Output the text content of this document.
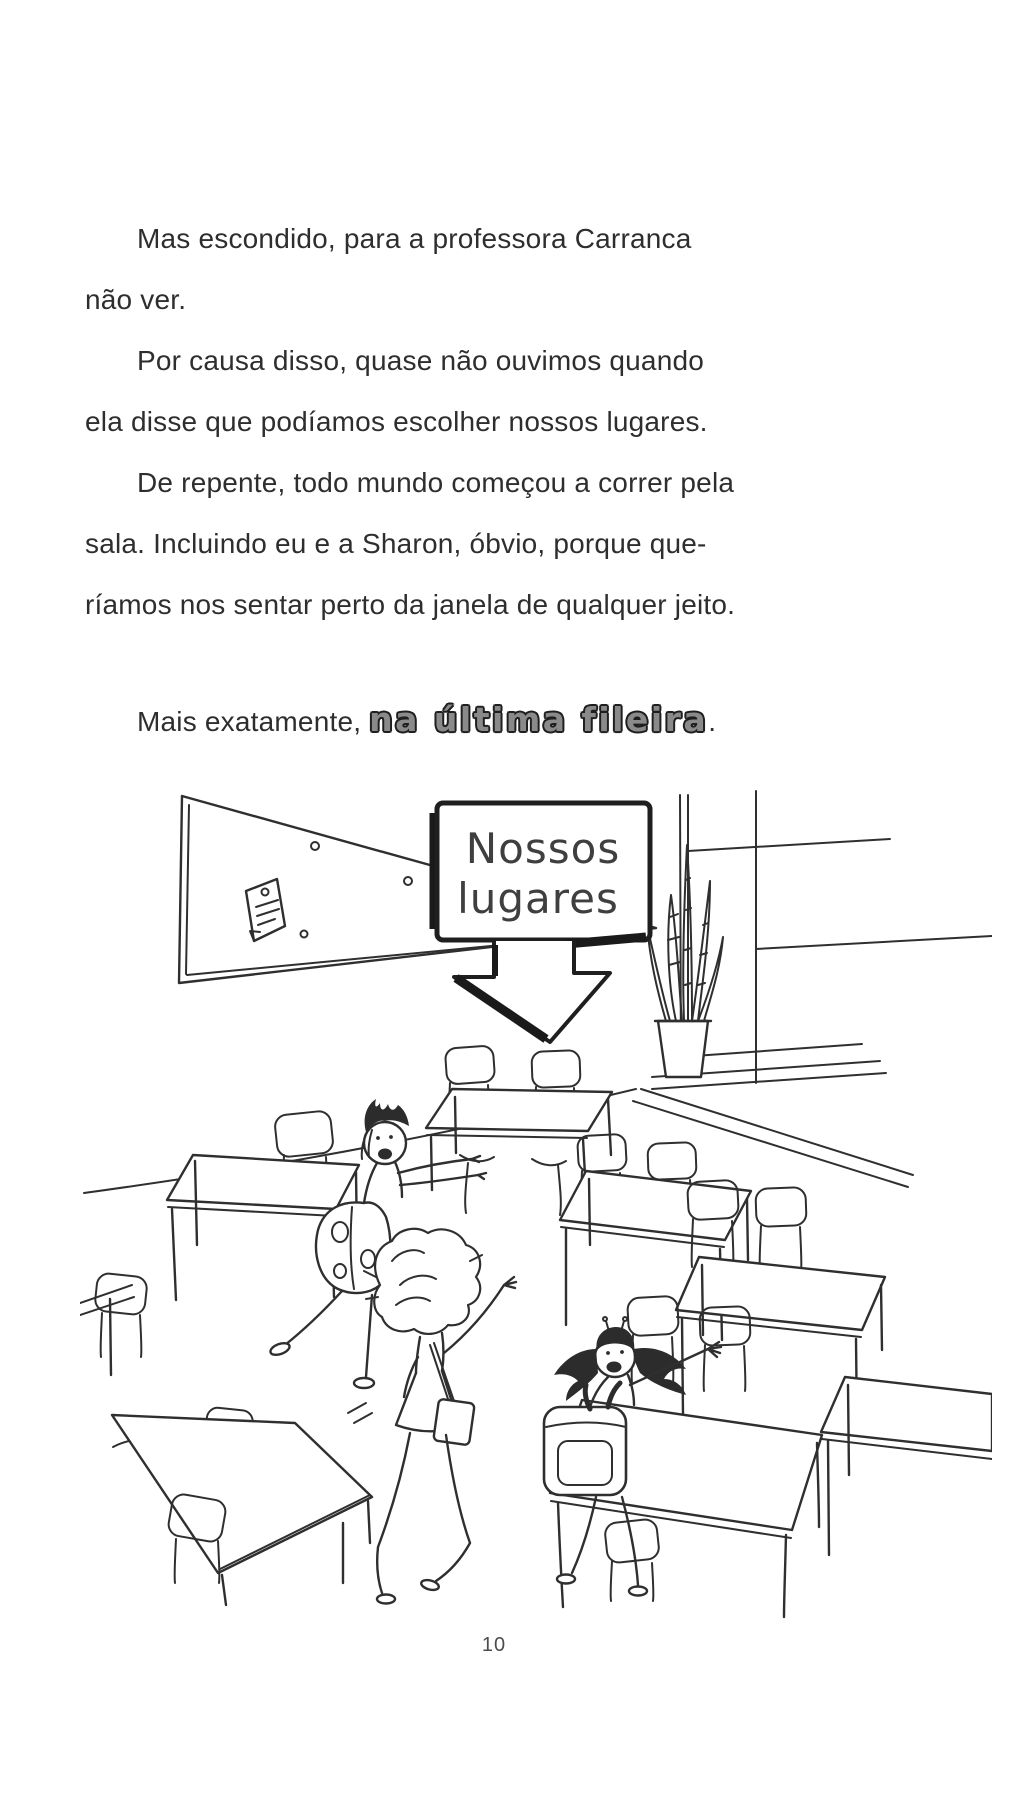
Mas escondido, para a professora Carranca
não ver.
Por causa disso, quase não ouvimos quando
ela disse que podíamos escolher nossos lugares.
De repente, todo mundo começou a correr pela
sala. Incluindo eu e a Sharon, óbvio, porque que-
ríamos nos sentar perto da janela de qualquer jeito.
Mais exatamente, na última fileira.
Nossos
lugares
10
